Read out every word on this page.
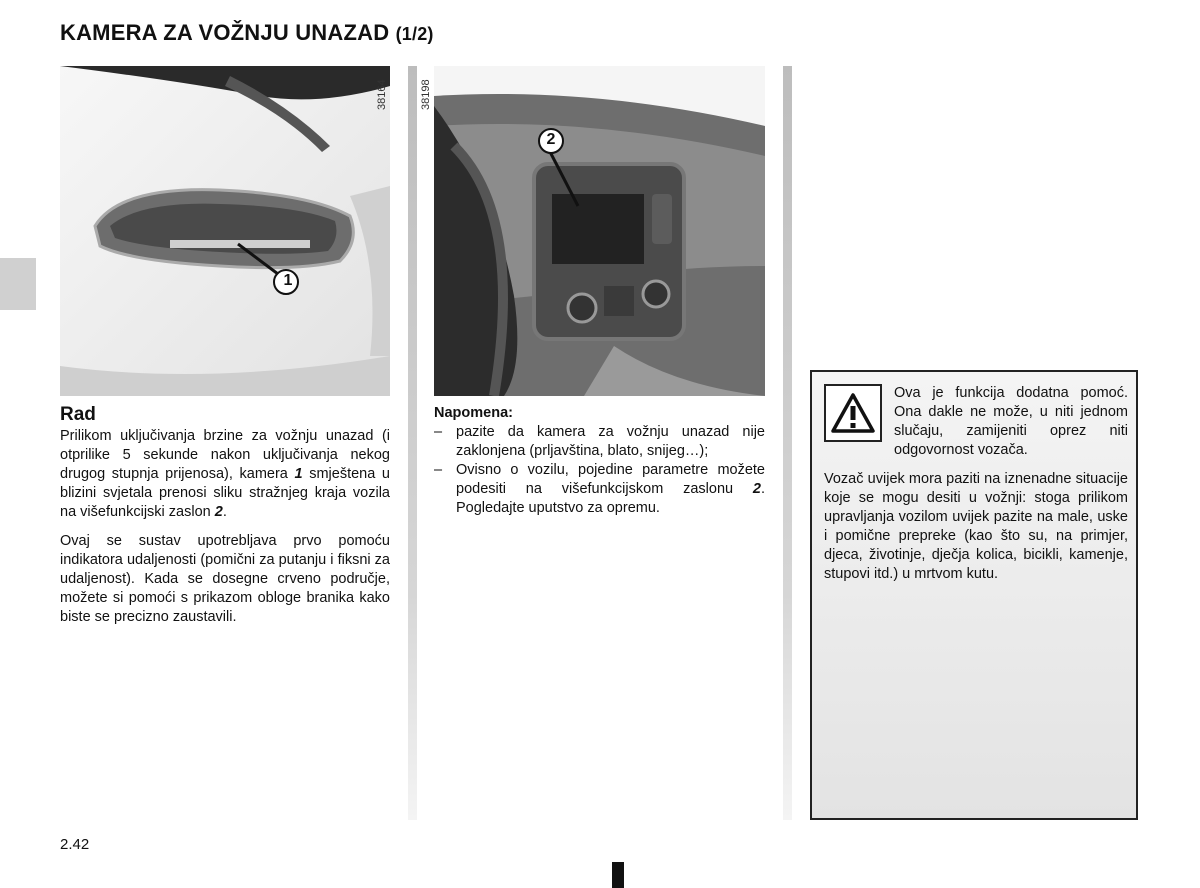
KAMERA ZA VOŽNJU UNAZAD (1/2)
38164
1
38198
2

Rad

Prilikom uključivanja brzine za vožnju unazad (i otprilike 5 sekunde nakon uključivanja nekog drugog stupnja prijenosa), kamera 1 smještena u blizini svjetala prenosi sliku stražnjeg kraja vozila na višefunkcijski zaslon 2.

Ovaj se sustav upotrebljava prvo pomoću indikatora udaljenosti (pomični za putanju i fiksni za udaljenost). Kada se dosegne crveno područje, možete si pomoći s prikazom obloge branika kako biste se precizno zaustavili.

Napomena:

– pazite da kamera za vožnju unazad nije zaklonjena (prljavština, blato, snijeg…);
– Ovisno o vozilu, pojedine parametre možete podesiti na višefunkcijskom zaslonu 2. Pogledajte uputstvo za opremu.
Ova je funkcija dodatna pomoć. Ona dakle ne može, u niti jednom slučaju, zamijeniti oprez niti odgovornost vozača.
Vozač uvijek mora paziti na iznenadne situacije koje se mogu desiti u vožnji: stoga prilikom upravljanja vozilom uvijek pazite na male, uske i pomične prepreke (kao što su, na primjer, djeca, životinje, dječja kolica, bicikli, kamenje, stupovi itd.) u mrtvom kutu.
2.42
